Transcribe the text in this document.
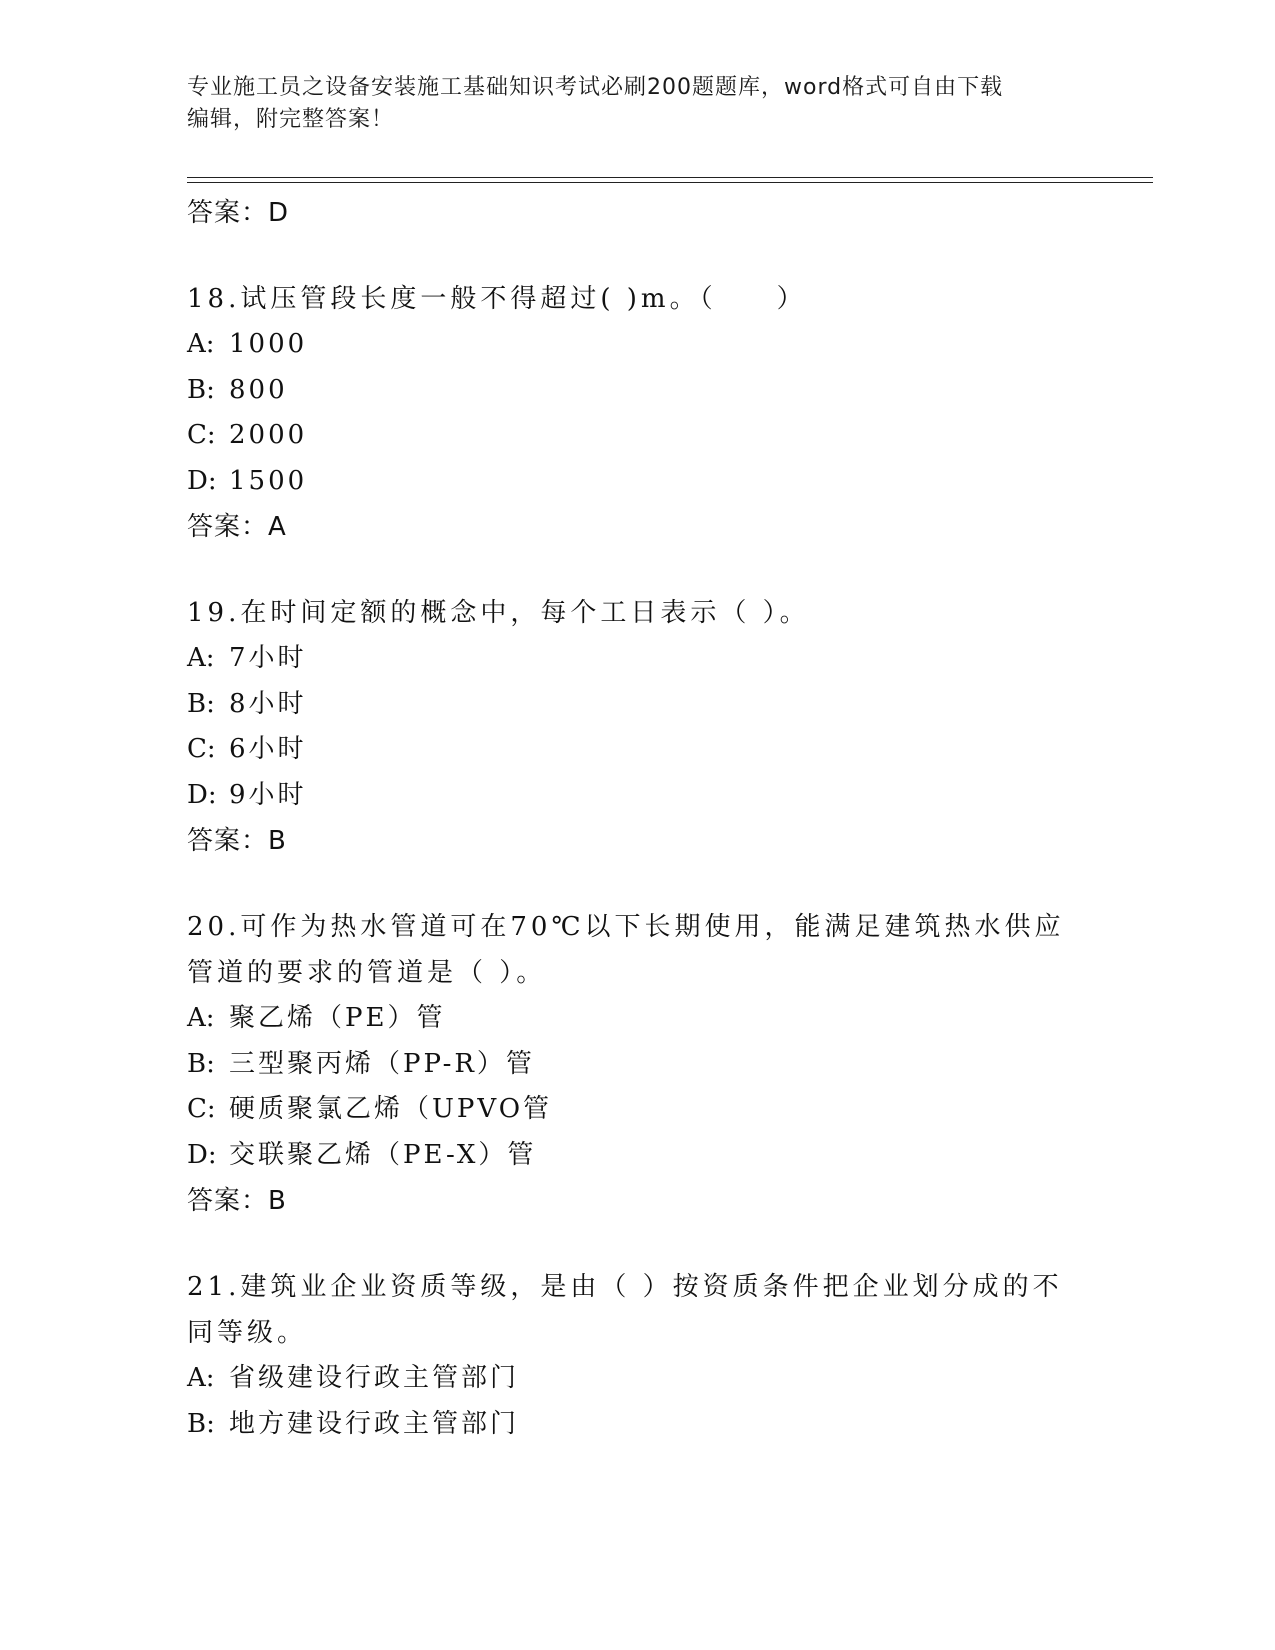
专业施工员之设备安装施工基础知识考试必刷200题题库，word格式可自由下载
编辑，附完整答案！
答案：D
18.试压管段长度一般不得超过( )m。（　　）
A: 1000
B: 800
C: 2000
D: 1500
答案：A
19.在时间定额的概念中，每个工日表示（ ）。
A: 7小时
B: 8小时
C: 6小时
D: 9小时
答案：B
20.可作为热水管道可在70℃以下长期使用，能满足建筑热水供应管道的要求的管道是（ ）。
A: 聚乙烯（PE）管
B: 三型聚丙烯（PP-R）管
C: 硬质聚氯乙烯（UPVO管
D: 交联聚乙烯（PE-X）管
答案：B
21.建筑业企业资质等级，是由（ ）按资质条件把企业划分成的不同等级。
A: 省级建设行政主管部门
B: 地方建设行政主管部门
